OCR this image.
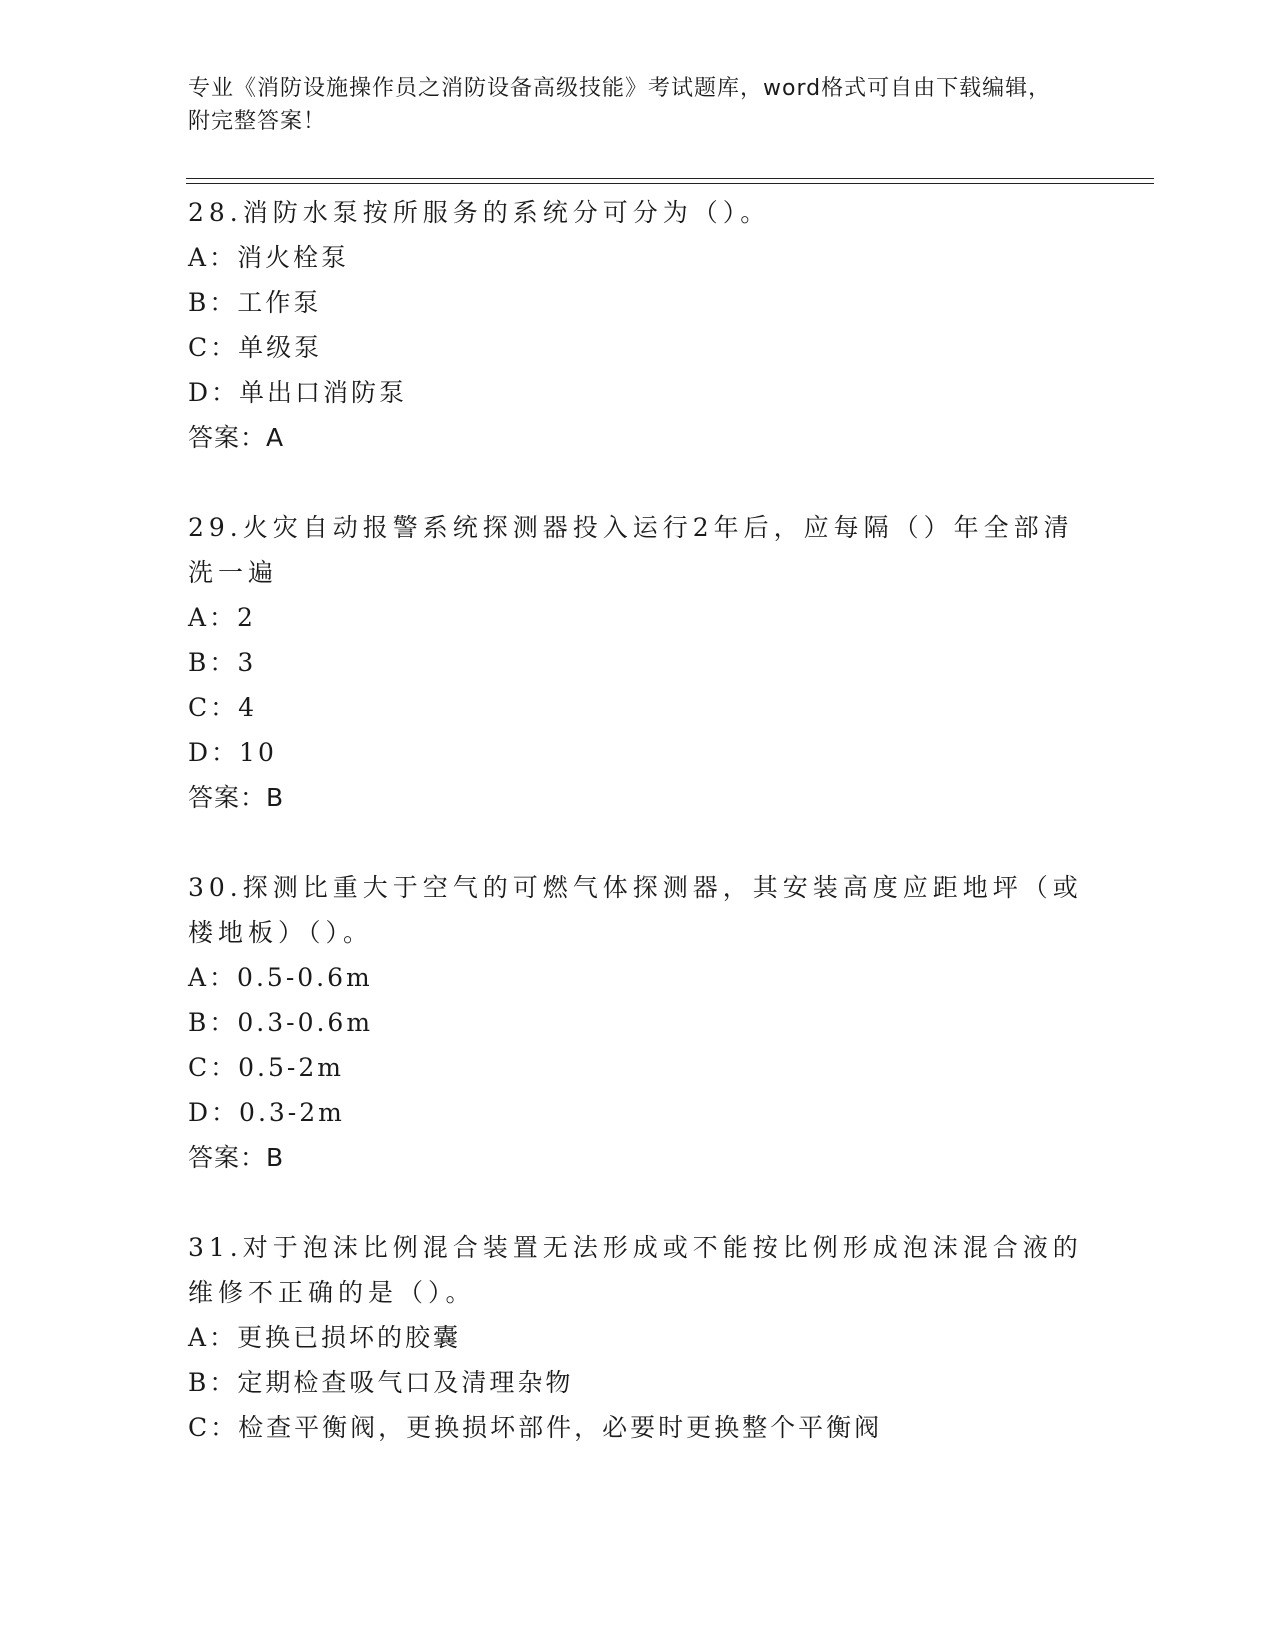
专业《消防设施操作员之消防设备高级技能》考试题库，word格式可自由下载编辑，附完整答案！

28.消防水泵按所服务的系统分可分为（）。

A：消火栓泵

B：工作泵

C：单级泵

D：单出口消防泵

答案：A

29.火灾自动报警系统探测器投入运行2年后，应每隔（）年全部清洗一遍

A：2

B：3

C：4

D：10

答案：B

30.探测比重大于空气的可燃气体探测器，其安装高度应距地坪（或楼地板）（）。

A：0.5-0.6m

B：0.3-0.6m

C：0.5-2m

D：0.3-2m

答案：B

31.对于泡沫比例混合装置无法形成或不能按比例形成泡沫混合液的维修不正确的是（）。

A：更换已损坏的胶囊

B：定期检查吸气口及清理杂物

C：检查平衡阀，更换损坏部件，必要时更换整个平衡阀
